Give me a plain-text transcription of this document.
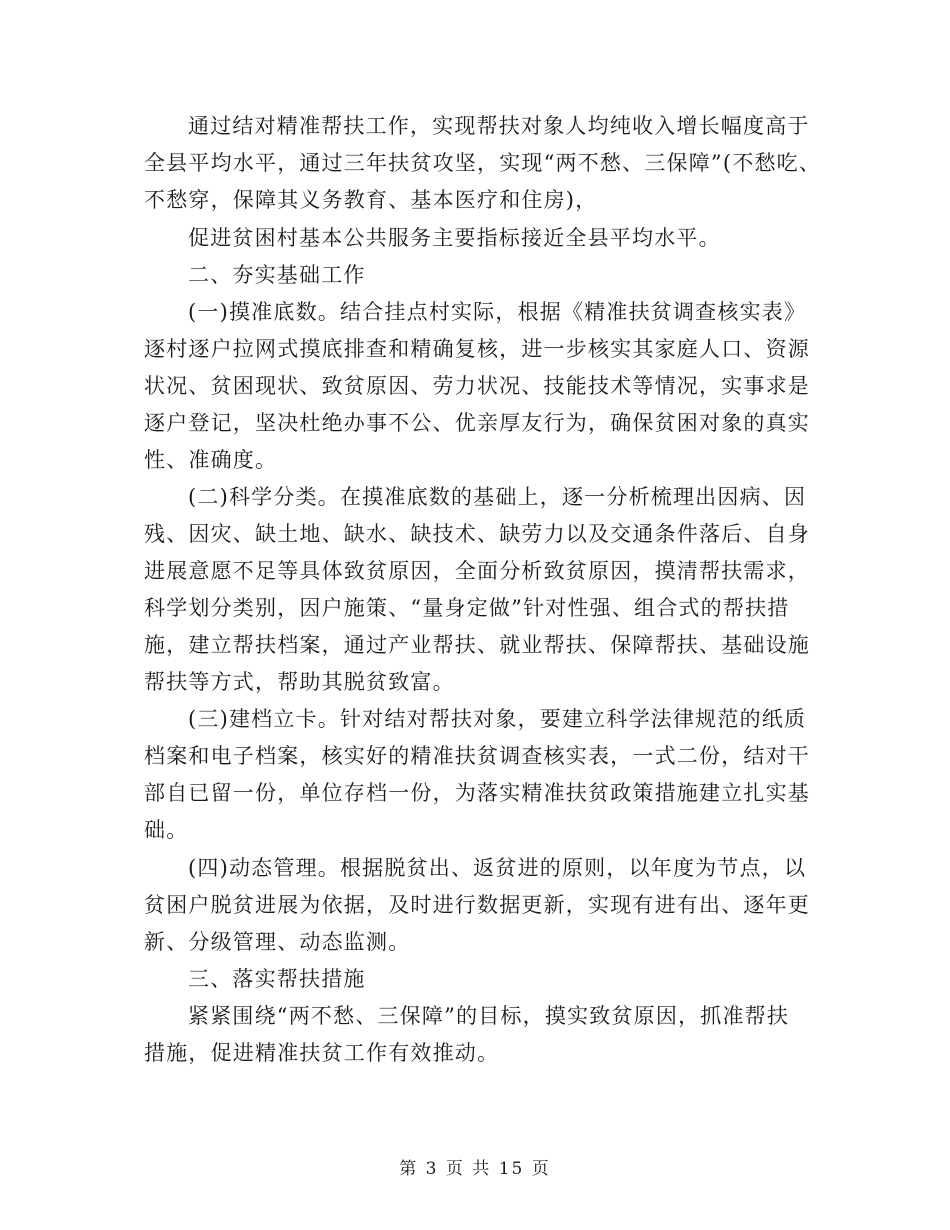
通过结对精准帮扶工作，实现帮扶对象人均纯收入增长幅度高于
全县平均水平，通过三年扶贫攻坚，实现“两不愁、三保障”(不愁吃、
不愁穿，保障其义务教育、基本医疗和住房)，
促进贫困村基本公共服务主要指标接近全县平均水平。
二、夯实基础工作
(一)摸准底数。结合挂点村实际，根据《精准扶贫调查核实表》
逐村逐户拉网式摸底排查和精确复核，进一步核实其家庭人口、资源
状况、贫困现状、致贫原因、劳力状况、技能技术等情况，实事求是
逐户登记，坚决杜绝办事不公、优亲厚友行为，确保贫困对象的真实
性、准确度。
(二)科学分类。在摸准底数的基础上，逐一分析梳理出因病、因
残、因灾、缺土地、缺水、缺技术、缺劳力以及交通条件落后、自身
进展意愿不足等具体致贫原因，全面分析致贫原因，摸清帮扶需求，
科学划分类别，因户施策、“量身定做”针对性强、组合式的帮扶措
施，建立帮扶档案，通过产业帮扶、就业帮扶、保障帮扶、基础设施
帮扶等方式，帮助其脱贫致富。
(三)建档立卡。针对结对帮扶对象，要建立科学法律规范的纸质
档案和电子档案，核实好的精准扶贫调查核实表，一式二份，结对干
部自已留一份，单位存档一份，为落实精准扶贫政策措施建立扎实基
础。
(四)动态管理。根据脱贫出、返贫进的原则，以年度为节点，以
贫困户脱贫进展为依据，及时进行数据更新，实现有进有出、逐年更
新、分级管理、动态监测。
三、落实帮扶措施
紧紧围绕“两不愁、三保障”的目标，摸实致贫原因，抓准帮扶
措施，促进精准扶贫工作有效推动。
第 3 页 共 15 页
